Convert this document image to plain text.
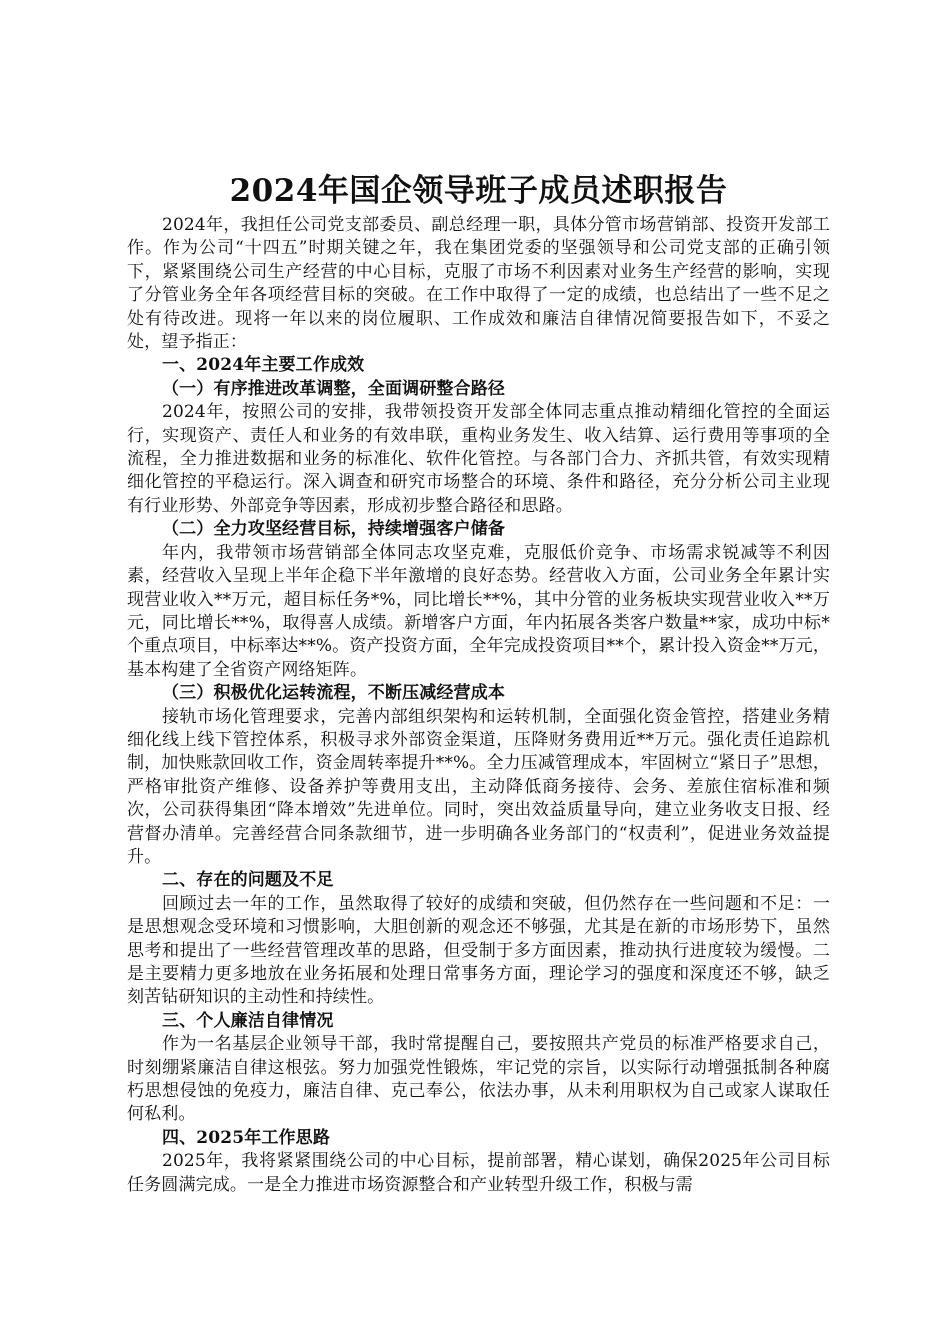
2024年国企领导班子成员述职报告

2024年，我担任公司党支部委员、副总经理一职，具体分管市场营销部、投资开发部工作。作为公司“十四五”时期关键之年，我在集团党委的坚强领导和公司党支部的正确引领下，紧紧围绕公司生产经营的中心目标，克服了市场不利因素对业务生产经营的影响，实现了分管业务全年各项经营目标的突破。在工作中取得了一定的成绩，也总结出了一些不足之处有待改进。现将一年以来的岗位履职、工作成效和廉洁自律情况简要报告如下，不妥之处，望予指正：

一、2024年主要工作成效

（一）有序推进改革调整，全面调研整合路径

2024年，按照公司的安排，我带领投资开发部全体同志重点推动精细化管控的全面运行，实现资产、责任人和业务的有效串联，重构业务发生、收入结算、运行费用等事项的全流程，全力推进数据和业务的标准化、软件化管控。与各部门合力、齐抓共管，有效实现精细化管控的平稳运行。深入调查和研究市场整合的环境、条件和路径，充分分析公司主业现有行业形势、外部竞争等因素，形成初步整合路径和思路。

（二）全力攻坚经营目标，持续增强客户储备

年内，我带领市场营销部全体同志攻坚克难，克服低价竞争、市场需求锐减等不利因素，经营收入呈现上半年企稳下半年激增的良好态势。经营收入方面，公司业务全年累计实现营业收入**万元，超目标任务*%，同比增长**%，其中分管的业务板块实现营业收入**万元，同比增长**%，取得喜人成绩。新增客户方面，年内拓展各类客户数量**家，成功中标*个重点项目，中标率达**%。资产投资方面，全年完成投资项目**个，累计投入资金**万元，基本构建了全省资产网络矩阵。

（三）积极优化运转流程，不断压减经营成本

接轨市场化管理要求，完善内部组织架构和运转机制，全面强化资金管控，搭建业务精细化线上线下管控体系，积极寻求外部资金渠道，压降财务费用近**万元。强化责任追踪机制，加快账款回收工作，资金周转率提升**%。全力压减管理成本，牢固树立“紧日子”思想，严格审批资产维修、设备养护等费用支出，主动降低商务接待、会务、差旅住宿标准和频次，公司获得集团“降本增效”先进单位。同时，突出效益质量导向，建立业务收支日报、经营督办清单。完善经营合同条款细节，进一步明确各业务部门的“权责利”，促进业务效益提升。

二、存在的问题及不足

回顾过去一年的工作，虽然取得了较好的成绩和突破，但仍然存在一些问题和不足：一是思想观念受环境和习惯影响，大胆创新的观念还不够强，尤其是在新的市场形势下，虽然思考和提出了一些经营管理改革的思路，但受制于多方面因素，推动执行进度较为缓慢。二是主要精力更多地放在业务拓展和处理日常事务方面，理论学习的强度和深度还不够，缺乏刻苦钻研知识的主动性和持续性。

三、个人廉洁自律情况

作为一名基层企业领导干部，我时常提醒自己，要按照共产党员的标准严格要求自己，时刻绷紧廉洁自律这根弦。努力加强党性锻炼，牢记党的宗旨，以实际行动增强抵制各种腐朽思想侵蚀的免疫力，廉洁自律、克己奉公，依法办事，从未利用职权为自己或家人谋取任何私利。

四、2025年工作思路

2025年，我将紧紧围绕公司的中心目标，提前部署，精心谋划，确保2025年公司目标任务圆满完成。一是全力推进市场资源整合和产业转型升级工作，积极与需
